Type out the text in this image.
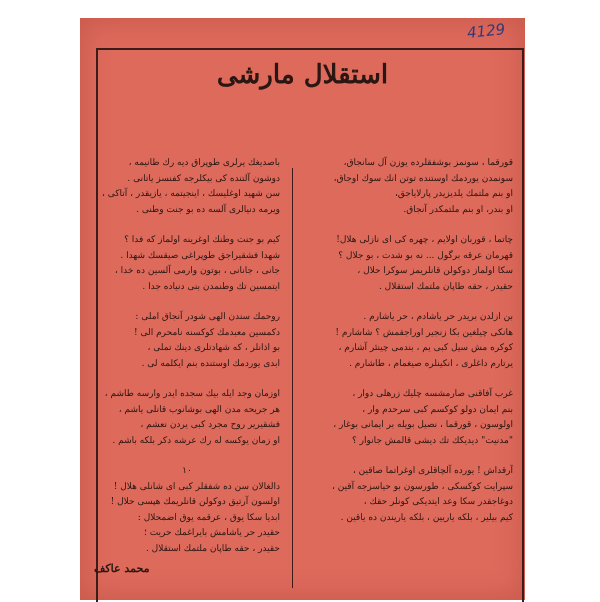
4129
استقلال مارشى

قورقما ، سونمز بوشفقلرده يوزن آل سانجاق،

سونمدن يوردمك اوستنده توتن انك سوك اوجاق،

او بنم ملتمك يلديزيدر پارلاياجق،

او بندر، او بنم ملتمكدر آنجاق.

چاتما ، قوربان اولايم ، چهره كى اى نازلى هلال!

قهرمان عرقه برگول ... نه بو شدت ، بو جلال ؟

سكا اولماز دوكولن قانلريمز سوكرا حلال ،

حقيدر ، حقه طاپان ملتمك استقلال .

بن ازلدن بريدر حر ياشادم ، حر ياشارم .

هانكى چيلغين بكا زنجير اوراجقمش ؟ شاشارم !

كوكره مش سيل كبى يم ، بندمى چينئر آشارم ،

يرتارم داغلرى ، انكينلره صيغمام ، طاشارم .

غرب آفاقنى صارمشسه چليك زرهلى دوار ،

بنم ايمان دولو كوكسم كبى سرحدم وار ،

اولوسون ، قورقما ، نصيل بويله بر ايمانى بوغار ،

"مدنيت" ديديكك تك ديشى قالمش جانوار ؟

آرقداش ! يورده آلچاقلرى اوغراتما صاقين ،

سپرايت كوكسكى ، طورسون بو حياسزجه آقين ،

دوغاجقدر سكا وعد ايتديكى كونلر حقك ،

كيم بيلير ، بلكه ياريين ، بلكه ياريندن ده ياقين .

باصديغك يرلرى طوپراق ديه رك طانيمه ،

دوشون آلتنده كى بيكلرجه كفنسز ياتانى .

سن شهيد اوغليسك ، اينجيتمه ، يازيقدر ، آتاكى ،

ويرمه دنيالرى آلسه ده بو جنت وطنى .

كيم بو جنت وطنك اوغرينه اولماز كه فدا ؟

شهدا فشقيراجق طوپراغى صيقسك شهدا .

جانى ، جانانى ، بوتون وارمى آلسين ده خدا ،

ايتمسين تك وطنمدن بنى دنياده جدا .

روحمك سندن الهى شودر آنجاق املى :

دكمسين معبدمك كوكسنه نامحرم الى !

بو اذانلر ، كه شهادتلرى دينك تملى ،

ابدى يوردمك اوستنده بنم ايكلمه لى .

اوزمان وجد ايله بيك سجده ايدر وارسه طاشم ،

هر جريحه مدن الهى بوشانوب قانلى ياشم ،

فشقيرير روح مجرد كبى يردن نعشم ،

او زمان يوكسه له رك عرشه دكر بلكه باشم .

١٠

دالغالان سن ده شفقلر كبى اى شانلى هلال !

اولسون آرتيق دوكولن قانلريمك هپسى حلال !

ابديا سكا يوق ، عرقمه يوق اضمحلال :

حقيدر حر ياشامش بايراغمك حريت ؛

حقيدر ، حقه طاپان ملتمك استقلال .

محمد عاكف
